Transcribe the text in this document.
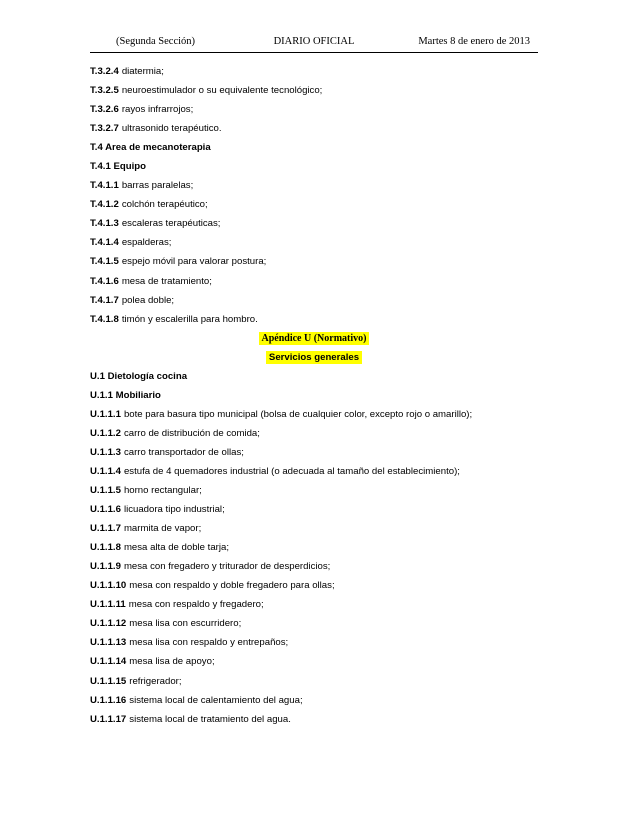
(Segunda Sección)	DIARIO OFICIAL	Martes 8 de enero de 2013
T.3.2.4 diatermia;
T.3.2.5 neuroestimulador o su equivalente tecnológico;
T.3.2.6 rayos infrarrojos;
T.3.2.7 ultrasonido terapéutico.
T.4 Area de mecanoterapia
T.4.1 Equipo
T.4.1.1 barras paralelas;
T.4.1.2 colchón terapéutico;
T.4.1.3 escaleras terapéuticas;
T.4.1.4 espalderas;
T.4.1.5 espejo móvil para valorar postura;
T.4.1.6 mesa de tratamiento;
T.4.1.7 polea doble;
T.4.1.8 timón y escalerilla para hombro.
Apéndice U (Normativo)
Servicios generales
U.1 Dietología cocina
U.1.1 Mobiliario
U.1.1.1 bote para basura tipo municipal (bolsa de cualquier color, excepto rojo o amarillo);
U.1.1.2 carro de distribución de comida;
U.1.1.3 carro transportador de ollas;
U.1.1.4 estufa de 4 quemadores industrial (o adecuada al tamaño del establecimiento);
U.1.1.5 horno rectangular;
U.1.1.6 licuadora tipo industrial;
U.1.1.7 marmita de vapor;
U.1.1.8 mesa alta de doble tarja;
U.1.1.9 mesa con fregadero y triturador de desperdicios;
U.1.1.10 mesa con respaldo y doble fregadero para ollas;
U.1.1.11 mesa con respaldo y fregadero;
U.1.1.12 mesa lisa con escurridero;
U.1.1.13 mesa lisa con respaldo y entrepaños;
U.1.1.14 mesa lisa de apoyo;
U.1.1.15 refrigerador;
U.1.1.16 sistema local de calentamiento del agua;
U.1.1.17 sistema local de tratamiento del agua.
